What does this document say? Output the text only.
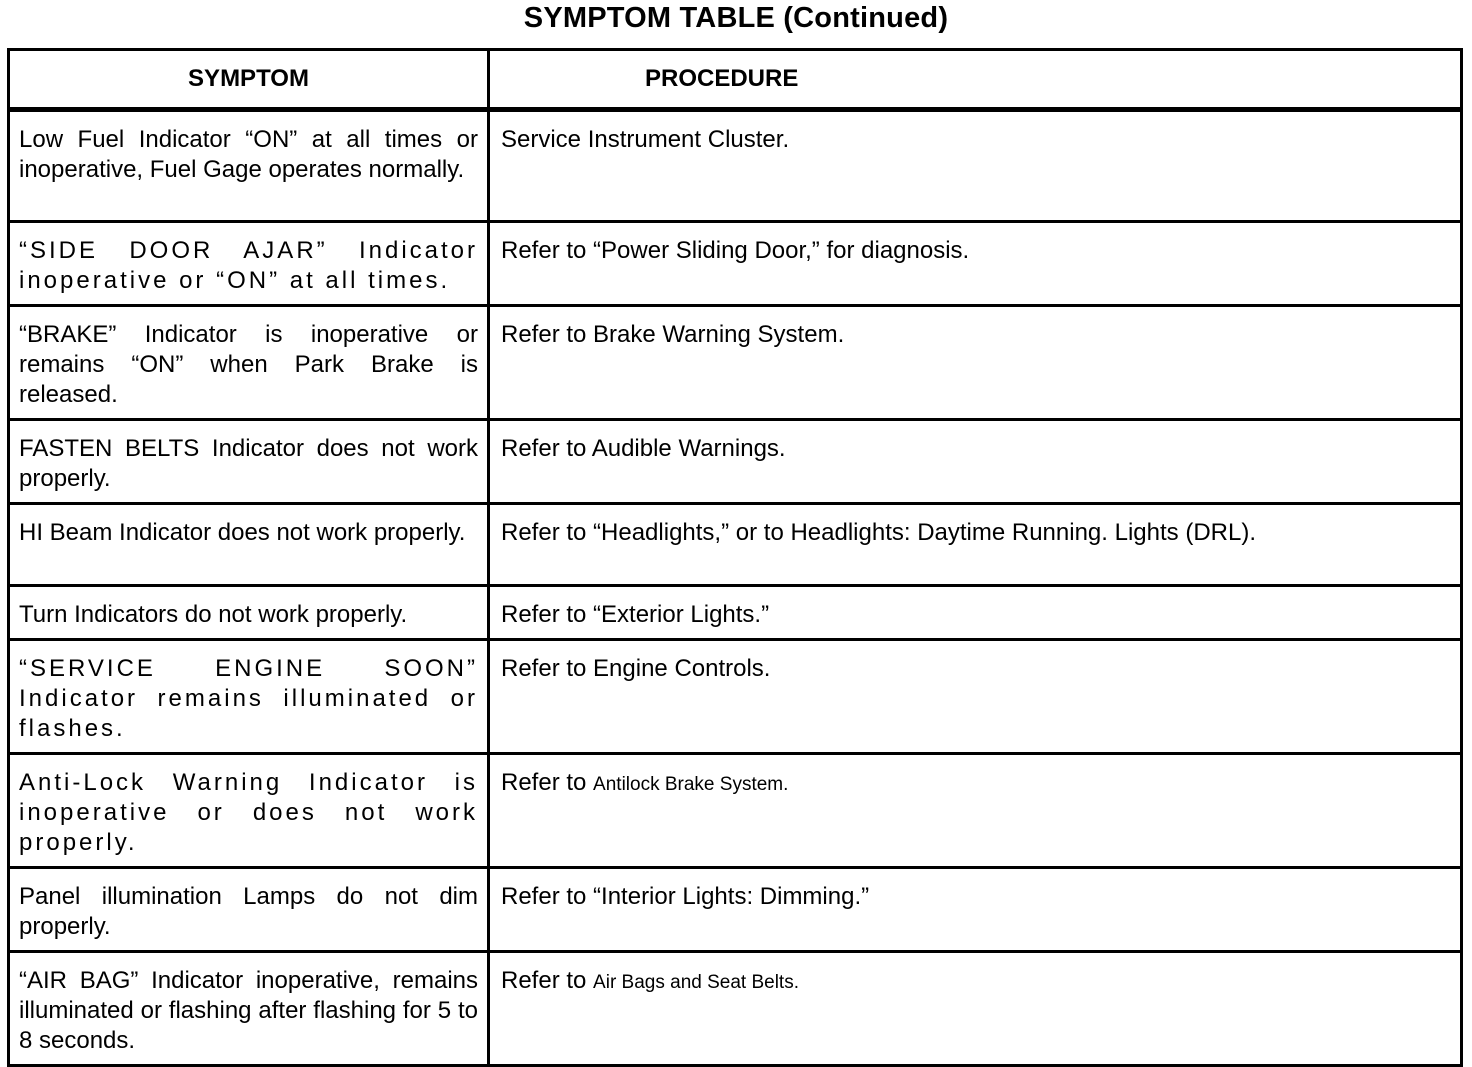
SYMPTOM TABLE (Continued)
SYMPTOM	PROCEDURE
Low Fuel Indicator “ON” at all times or inoperative, Fuel Gage operates normally.	Service Instrument Cluster.
“SIDE DOOR AJAR” Indicator inoperative or “ON” at all times.	Refer to “Power Sliding Door,” for diagnosis.
“BRAKE” Indicator is inoperative or remains “ON” when Park Brake is released.	Refer to Brake Warning System.
FASTEN BELTS Indicator does not work properly.	Refer to Audible Warnings.
HI Beam Indicator does not work properly.	Refer to “Headlights,” or to Headlights: Daytime Running. Lights (DRL).
Turn Indicators do not work properly.	Refer to “Exterior Lights.”
“SERVICE ENGINE SOON” Indicator remains illuminated or flashes.	Refer to Engine Controls.
Anti-Lock Warning Indicator is inoperative or does not work properly.	Refer to Antilock Brake System.
Panel illumination Lamps do not dim properly.	Refer to “Interior Lights: Dimming.”
“AIR BAG” Indicator inoperative, remains illuminated or flashing after flashing for 5 to 8 seconds.	Refer to Air Bags and Seat Belts.
